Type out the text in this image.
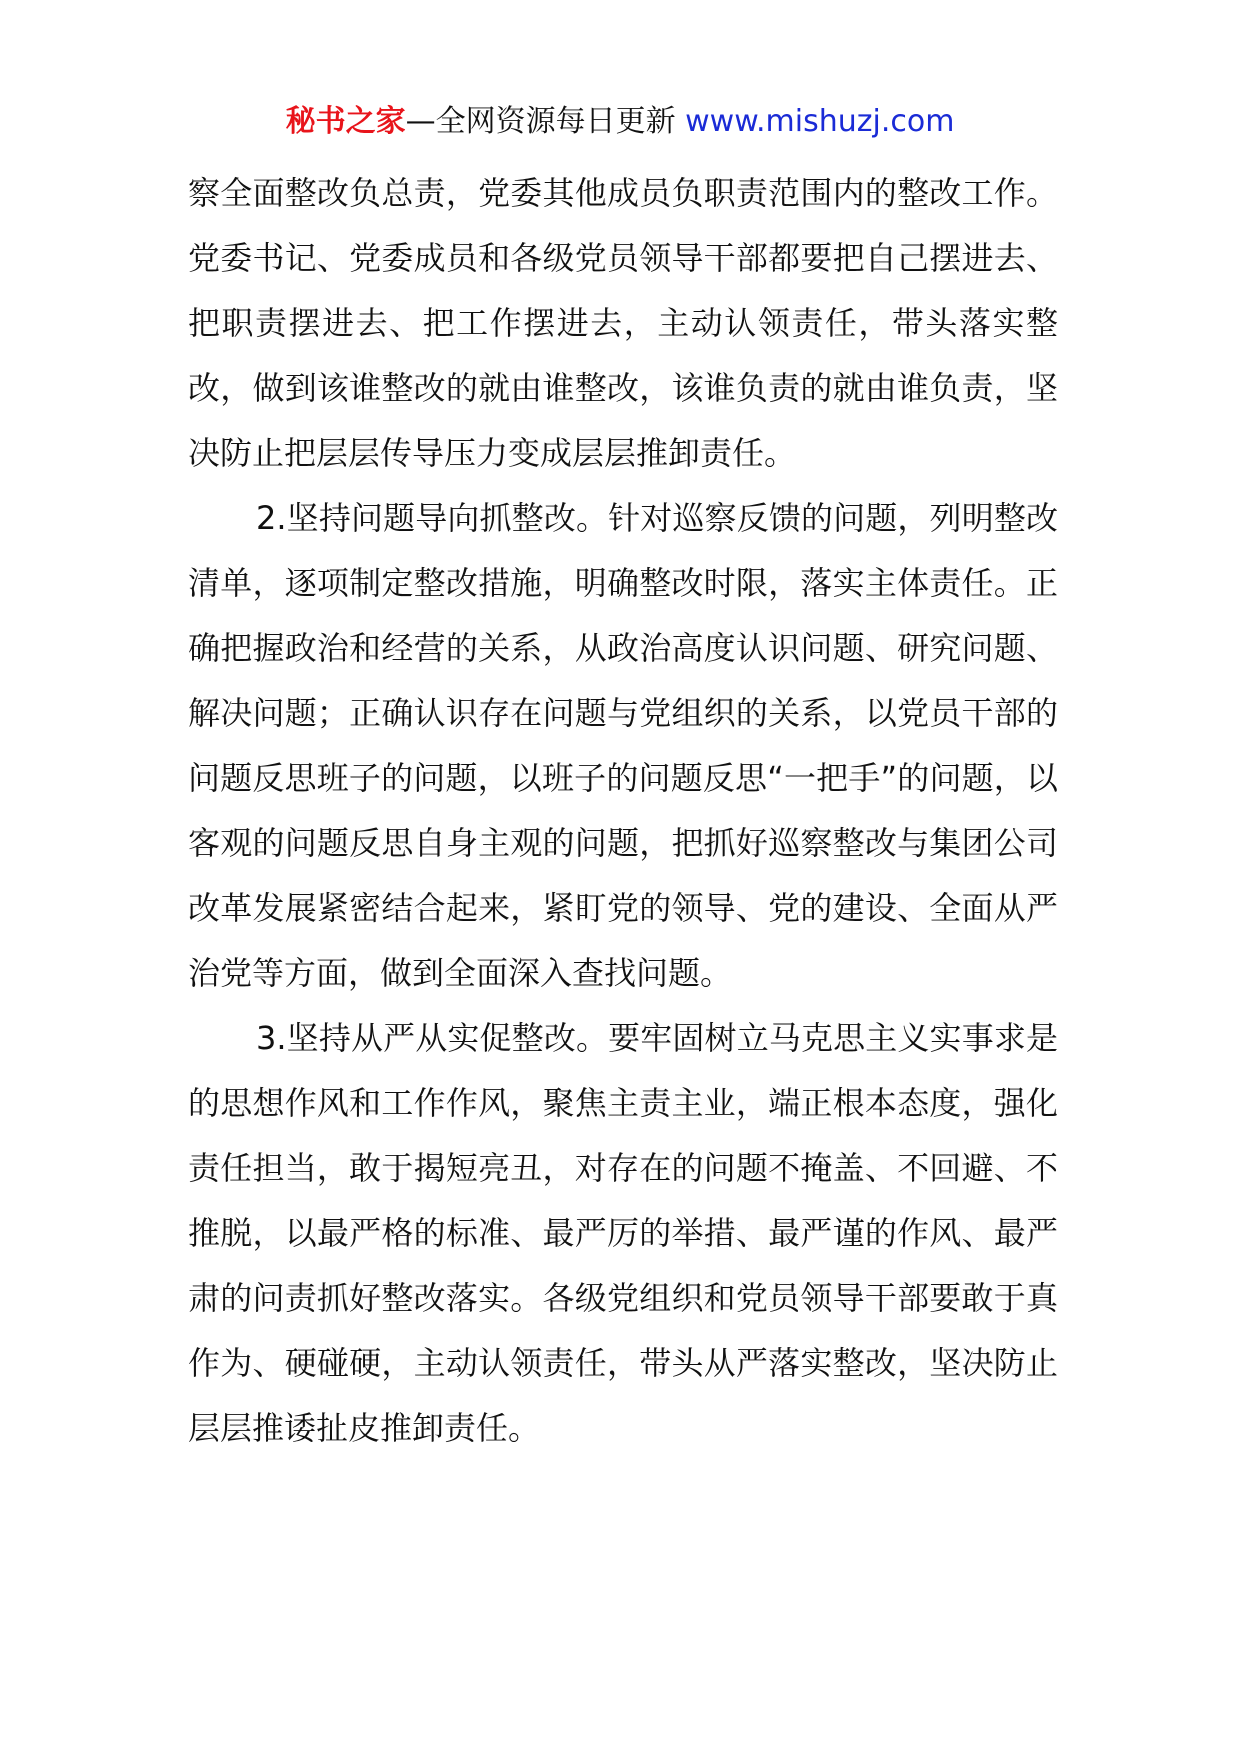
秘书之家—全网资源每日更新 www.mishuzj.com

察全面整改负总责，党委其他成员负职责范围内的整改工作。党委书记、党委成员和各级党员领导干部都要把自己摆进去、把职责摆进去、把工作摆进去，主动认领责任，带头落实整改，做到该谁整改的就由谁整改，该谁负责的就由谁负责，坚决防止把层层传导压力变成层层推卸责任。

2.坚持问题导向抓整改。针对巡察反馈的问题，列明整改清单，逐项制定整改措施，明确整改时限，落实主体责任。正确把握政治和经营的关系，从政治高度认识问题、研究问题、解决问题；正确认识存在问题与党组织的关系，以党员干部的问题反思班子的问题，以班子的问题反思“一把手”的问题，以客观的问题反思自身主观的问题，把抓好巡察整改与集团公司改革发展紧密结合起来，紧盯党的领导、党的建设、全面从严治党等方面，做到全面深入查找问题。

3.坚持从严从实促整改。要牢固树立马克思主义实事求是的思想作风和工作作风，聚焦主责主业，端正根本态度，强化责任担当，敢于揭短亮丑，对存在的问题不掩盖、不回避、不推脱，以最严格的标准、最严厉的举措、最严谨的作风、最严肃的问责抓好整改落实。各级党组织和党员领导干部要敢于真作为、硬碰硬，主动认领责任，带头从严落实整改，坚决防止层层推诿扯皮推卸责任。
